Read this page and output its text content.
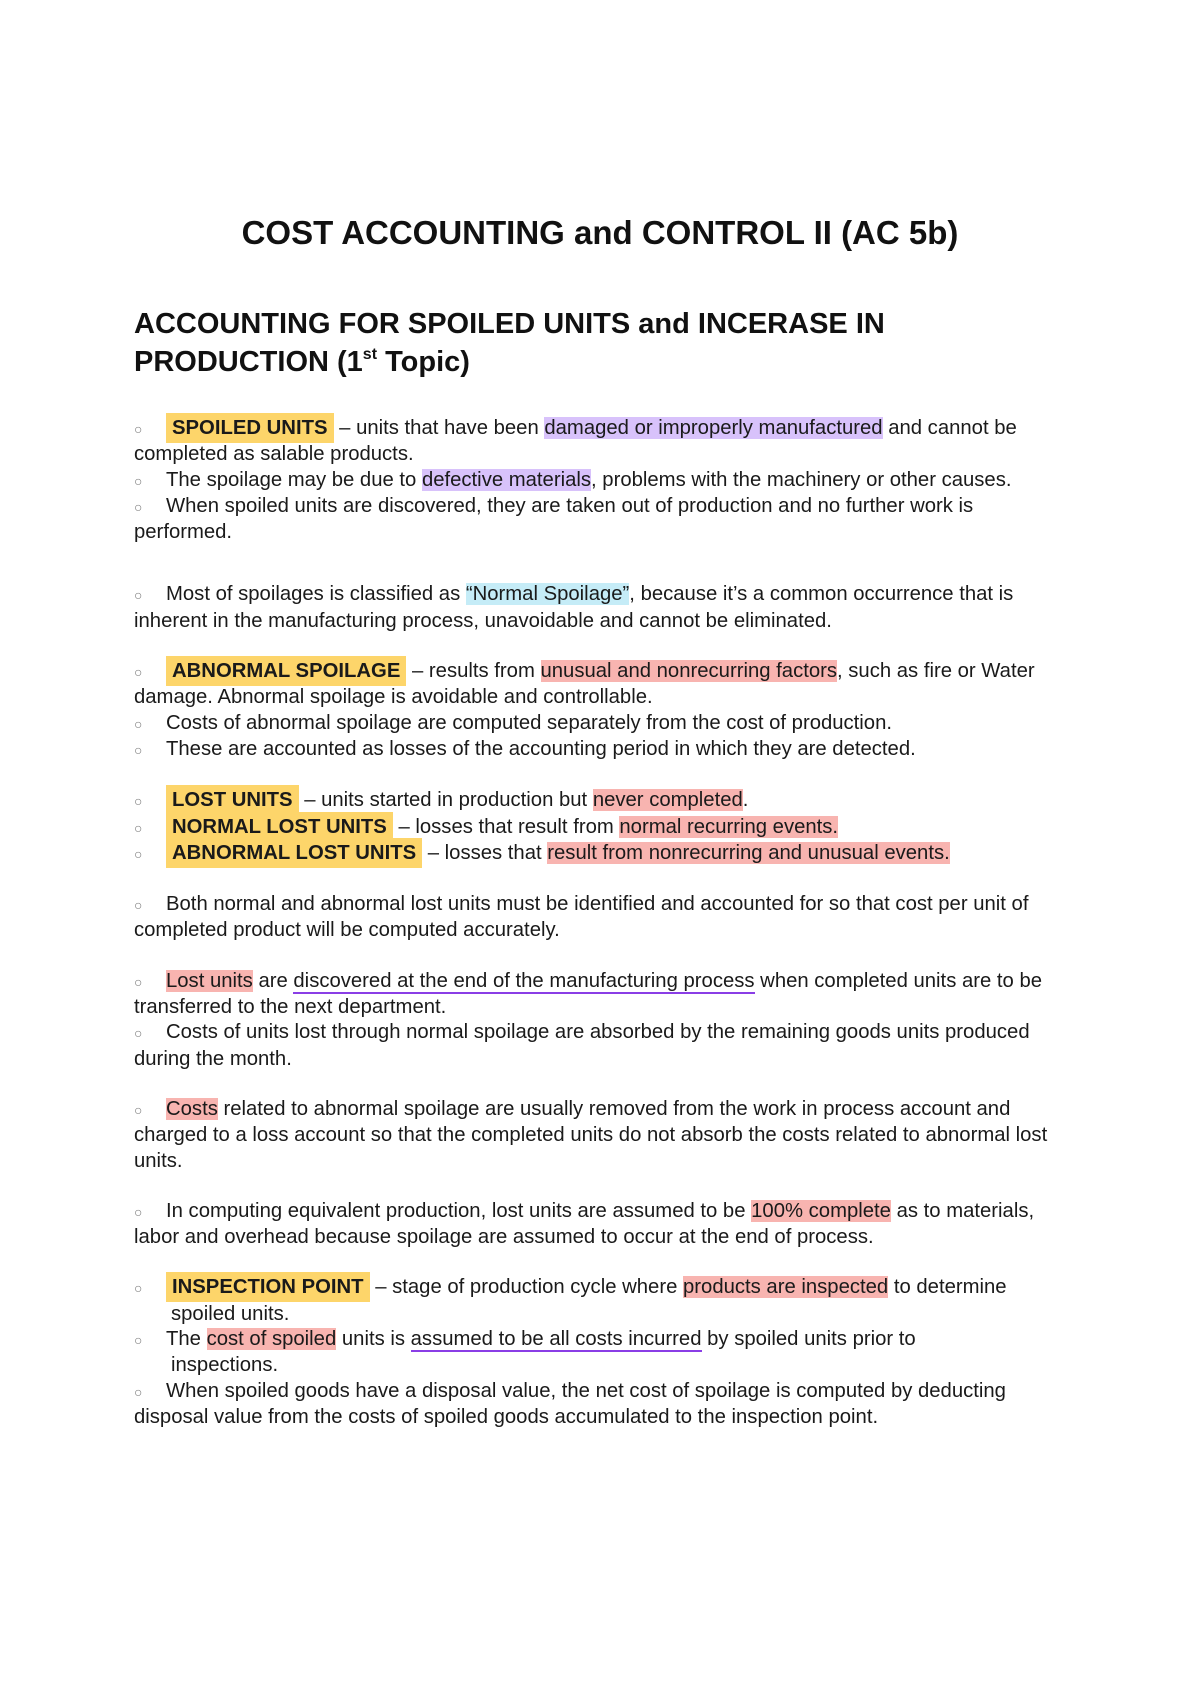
COST ACCOUNTING and CONTROL II (AC 5b)
ACCOUNTING FOR SPOILED UNITS and INCERASE IN PRODUCTION (1st Topic)

○ SPOILED UNITS – units that have been damaged or improperly manufactured and cannot be completed as salable products.

○ The spoilage may be due to defective materials, problems with the machinery or other causes.

○ When spoiled units are discovered, they are taken out of production and no further work is performed.

○ Most of spoilages is classified as “Normal Spoilage”, because it’s a common occurrence that is inherent in the manufacturing process, unavoidable and cannot be eliminated.

○ ABNORMAL SPOILAGE – results from unusual and nonrecurring factors, such as fire or Water damage. Abnormal spoilage is avoidable and controllable.

○ Costs of abnormal spoilage are computed separately from the cost of production.

○ These are accounted as losses of the accounting period in which they are detected.

○ LOST UNITS – units started in production but never completed.

○ NORMAL LOST UNITS – losses that result from normal recurring events.

○ ABNORMAL LOST UNITS – losses that result from nonrecurring and unusual events.

○ Both normal and abnormal lost units must be identified and accounted for so that cost per unit of completed product will be computed accurately.

○ Lost units are discovered at the end of the manufacturing process when completed units are to be transferred to the next department.

○ Costs of units lost through normal spoilage are absorbed by the remaining goods units produced during the month.

○ Costs related to abnormal spoilage are usually removed from the work in process account and charged to a loss account so that the completed units do not absorb the costs related to abnormal lost units.

○ In computing equivalent production, lost units are assumed to be 100% complete as to materials, labor and overhead because spoilage are assumed to occur at the end of process.

○ INSPECTION POINT – stage of production cycle where products are inspected to determine

spoiled units.

○ The cost of spoiled units is assumed to be all costs incurred by spoiled units prior to

inspections.

○ When spoiled goods have a disposal value, the net cost of spoilage is computed by deducting disposal value from the costs of spoiled goods accumulated to the inspection point.
